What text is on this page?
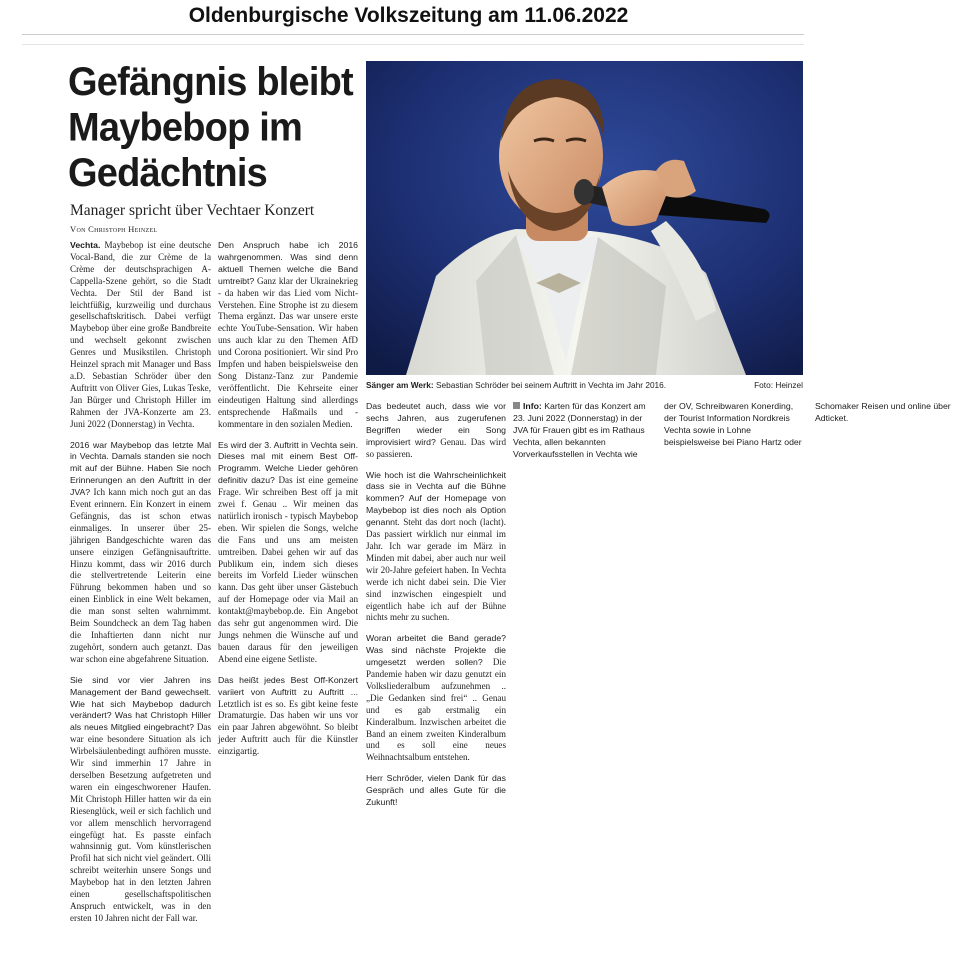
Oldenburgische Volkszeitung am 11.06.2022
Gefängnis bleibt Maybebop im Gedächtnis
Manager spricht über Vechtaer Konzert
Von Christoph Heinzel

Vechta. Maybebop ist eine deutsche Vocal-Band, die zur Crème de la Crème der deutschsprachigen A-Cappella-Szene gehört, so die Stadt Vechta. Der Stil der Band ist leichtfüßig, kurzweilig und durchaus gesellschaftskritisch. Dabei verfügt Maybebop über eine große Bandbreite und wechselt gekonnt zwischen Genres und Musikstilen. Christoph Heinzel sprach mit Manager und Bass a.D. Sebastian Schröder über den Auftritt von Oliver Gies, Lukas Teske, Jan Bürger und Christoph Hiller im Rahmen der JVA-Konzerte am 23. Juni 2022 (Donnerstag) in Vechta.

2016 war Maybebop das letzte Mal in Vechta. Damals standen sie noch mit auf der Bühne. Haben Sie noch Erinnerungen an den Auftritt in der JVA? Ich kann mich noch gut an das Event erinnern. Ein Konzert in einem Gefängnis, das ist schon etwas einmaliges. In unserer über 25-jährigen Bandgeschichte waren das unsere einzigen Gefängnisauftritte. Hinzu kommt, dass wir 2016 durch die stellvertretende Leiterin eine Führung bekommen haben und so einen Einblick in eine Welt bekamen, die man sonst selten wahrnimmt. Beim Soundcheck an dem Tag haben die Inhaftierten dann nicht nur zugehört, sondern auch getanzt. Das war schon eine abgefahrene Situation.

Sie sind vor vier Jahren ins Management der Band gewechselt. Wie hat sich Maybebop dadurch verändert? Was hat Christoph Hiller als neues Mitglied eingebracht? Das war eine besondere Situation als ich Wirbelsäulenbedingt aufhören musste. Wir sind immerhin 17 Jahre in derselben Besetzung aufgetreten und waren ein eingeschworener Haufen. Mit Christoph Hiller hatten wir da ein Riesenglück, weil er sich fachlich und vor allem menschlich hervorragend eingefügt hat. Es passte einfach wahnsinnig gut. Vom künstlerischen Profil hat sich nicht viel geändert. Olli schreibt weiterhin unsere Songs und Maybebop hat in den letzten Jahren einen gesellschaftspolitischen Anspruch entwickelt, was in den ersten 10 Jahren nicht der Fall war.

Den Anspruch habe ich 2016 wahrgenommen. Was sind denn aktuell Themen welche die Band umtreibt? Ganz klar der Ukrainekrieg - da haben wir das Lied vom Nicht-Verstehen. Eine Strophe ist zu diesem Thema ergänzt. Das war unsere erste echte YouTube-Sensation. Wir haben uns auch klar zu den Themen AfD und Corona positioniert. Wir sind Pro Impfen und haben beispielsweise den Song Distanz-Tanz zur Pandemie veröffentlicht. Die Kehrseite einer eindeutigen Haltung sind allerdings entsprechende Haßmails und -kommentare in den sozialen Medien.

Es wird der 3. Auftritt in Vechta sein. Dieses mal mit einem Best Off-Programm. Welche Lieder gehören definitiv dazu? Das ist eine gemeine Frage. Wir schreiben Best off ja mit zwei f. Genau .. Wir meinen das natürlich ironisch - typisch Maybebop eben. Wir spielen die Songs, welche die Fans und uns am meisten umtreiben. Dabei gehen wir auf das Publikum ein, indem sich dieses bereits im Vorfeld Lieder wünschen kann. Das geht über unser Gästebuch auf der Homepage oder via Mail an kontakt@maybebop.de. Ein Angebot das sehr gut angenommen wird. Die Jungs nehmen die Wünsche auf und bauen daraus für den jeweiligen Abend eine eigene Setliste.

Das heißt jedes Best Off-Konzert variiert von Auftritt zu Auftritt ... Letztlich ist es so. Es gibt keine feste Dramaturgie. Das haben wir uns vor ein paar Jahren abgewöhnt. So bleibt jeder Auftritt auch für die Künstler einzigartig.

Sänger am Werk: Sebastian Schröder bei seinem Auftritt in Vechta im Jahr 2016.	Foto: Heinzel

Das bedeutet auch, dass wie vor sechs Jahren, aus zugerufenen Begriffen wieder ein Song improvisiert wird? Genau. Das wird so passieren.

Wie hoch ist die Wahrscheinlichkeit dass sie in Vechta auf die Bühne kommen? Auf der Homepage von Maybebop ist dies noch als Option genannt. Steht das dort noch (lacht). Das passiert wirklich nur einmal im Jahr. Ich war gerade im März in Minden mit dabei, aber auch nur weil wir 20-Jahre gefeiert haben. In Vechta werde ich nicht dabei sein. Die Vier sind inzwischen eingespielt und eigentlich habe ich auf der Bühne nichts mehr zu suchen.

Woran arbeitet die Band gerade? Was sind nächste Projekte die umgesetzt werden sollen? Die Pandemie haben wir dazu genutzt ein Volksliederalbum aufzunehmen .. „Die Gedanken sind frei“ .. Genau und es gab erstmalig ein Kinderalbum. Inzwischen arbeitet die Band an einem zweiten Kinderalbum und es soll eine neues Weihnachtsalbum entstehen.

Herr Schröder, vielen Dank für das Gespräch und alles Gute für die Zukunft!

Info: Karten für das Konzert am 23. Juni 2022 (Donnerstag) in der JVA für Frauen gibt es im Rathaus Vechta, allen bekannten Vorverkaufsstellen in Vechta wie der OV, Schreibwaren Konerding, der Tourist Information Nordkreis Vechta sowie in Lohne beispielsweise bei Piano Hartz oder Schomaker Reisen und online über Adticket.
